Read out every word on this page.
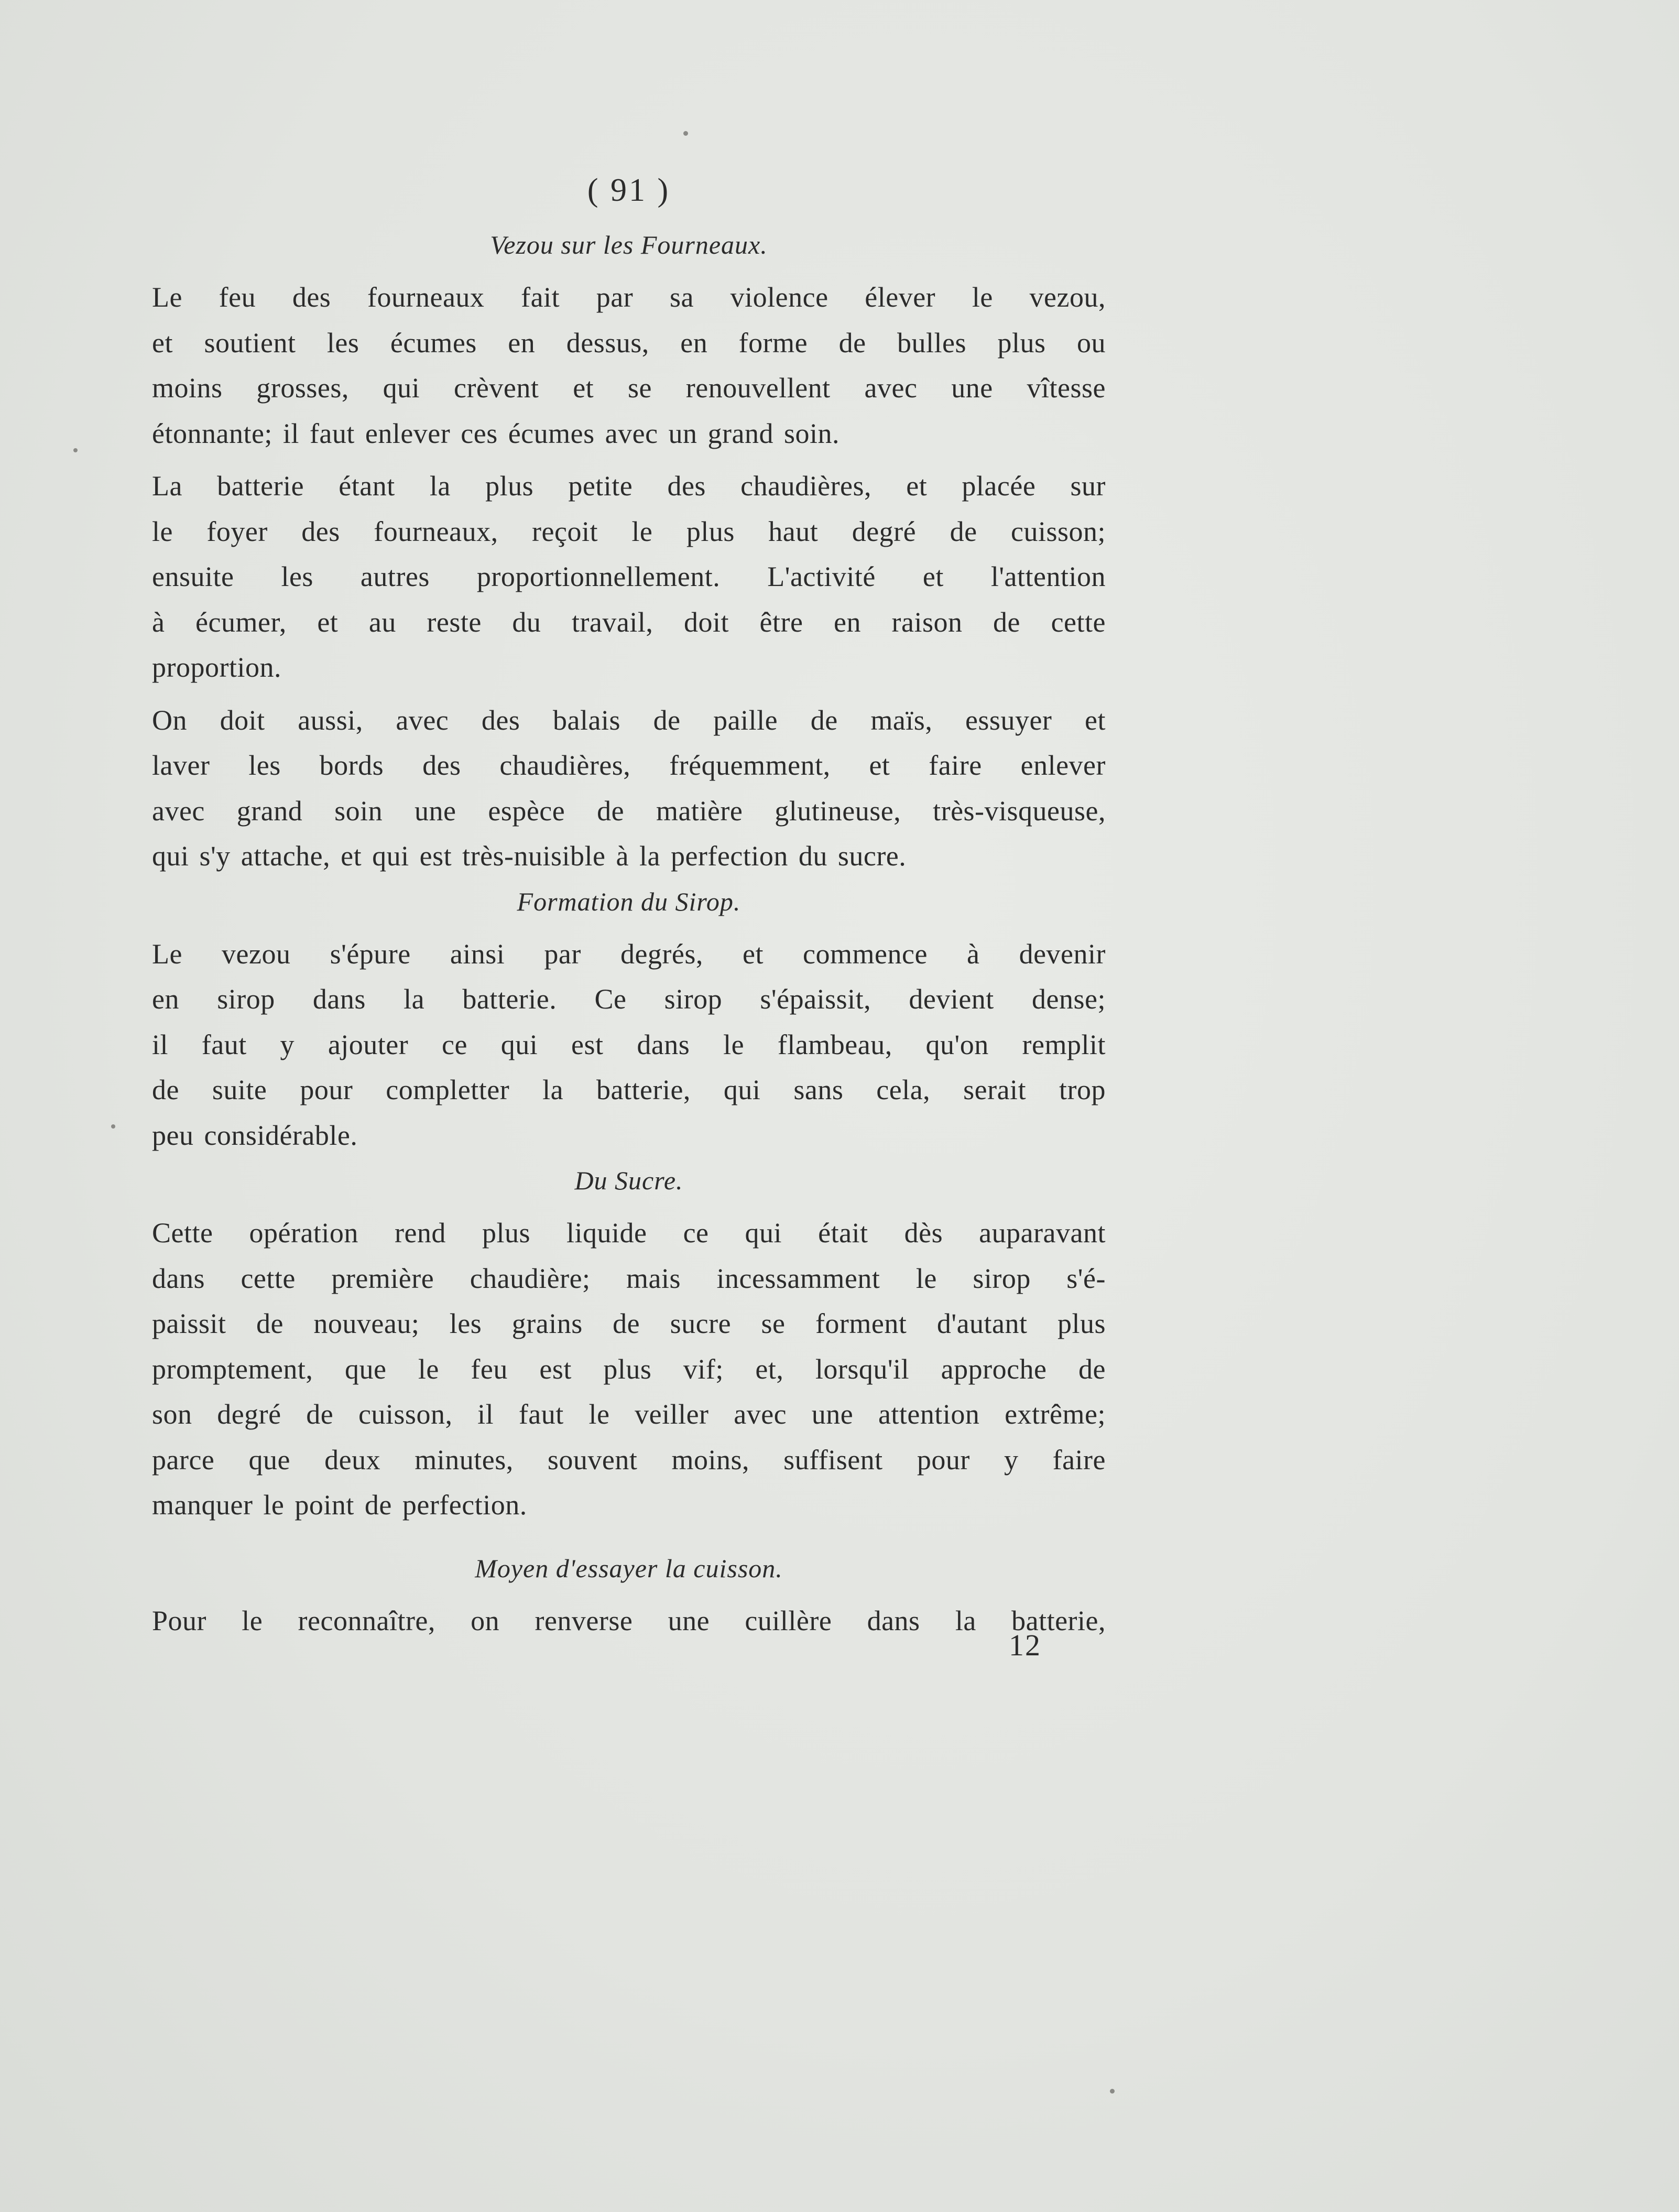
( 91 )
Vezou sur les Fourneaux.

Le feu des fourneaux fait par sa violence élever le vezou,
et soutient les écumes en dessus, en forme de bulles plus ou
moins grosses, qui crèvent et se renouvellent avec une vîtesse
étonnante; il faut enlever ces écumes avec un grand soin.

La batterie étant la plus petite des chaudières, et placée sur
le foyer des fourneaux, reçoit le plus haut degré de cuisson;
ensuite les autres proportionnellement. L'activité et l'attention
à écumer, et au reste du travail, doit être en raison de cette
proportion.

On doit aussi, avec des balais de paille de maïs, essuyer et
laver les bords des chaudières, fréquemment, et faire enlever
avec grand soin une espèce de matière glutineuse, très-visqueuse,
qui s'y attache, et qui est très-nuisible à la perfection du sucre.

Formation du Sirop.

Le vezou s'épure ainsi par degrés, et commence à devenir
en sirop dans la batterie. Ce sirop s'épaissit, devient dense;
il faut y ajouter ce qui est dans le flambeau, qu'on remplit
de suite pour completter la batterie, qui sans cela, serait trop
peu considérable.

Du Sucre.

Cette opération rend plus liquide ce qui était dès auparavant
dans cette première chaudière; mais incessamment le sirop s'é-
paissit de nouveau; les grains de sucre se forment d'autant plus
promptement, que le feu est plus vif; et, lorsqu'il approche de
son degré de cuisson, il faut le veiller avec une attention extrême;
parce que deux minutes, souvent moins, suffisent pour y faire
manquer le point de perfection.

Moyen d'essayer la cuisson.

Pour le reconnaître, on renverse une cuillère dans la batterie,

12
